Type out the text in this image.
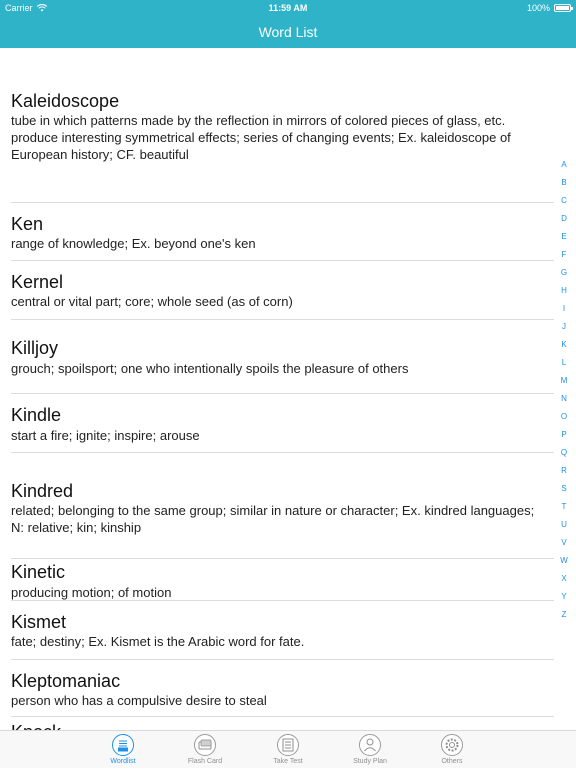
Carrier	11:59 AM	100%
Word List
Kaleidoscope
tube in which patterns made by the reflection in mirrors of colored pieces of glass, etc. produce interesting symmetrical effects; series of changing events; Ex. kaleidoscope of European history; CF. beautiful
Ken
range of knowledge; Ex. beyond one's ken
Kernel
central or vital part; core; whole seed (as of corn)
Killjoy
grouch; spoilsport; one who intentionally spoils the pleasure of others
Kindle
start a fire; ignite; inspire; arouse
Kindred
related; belonging to the same group; similar in nature or character; Ex. kindred languages; N: relative; kin; kinship
Kinetic
producing motion; of motion
Kismet
fate; destiny; Ex. Kismet is the Arabic word for fate.
Kleptomaniac
person who has a compulsive desire to steal
A
B
C
D
E
F
G
H
I
J
K
L
M
N
O
P
Q
R
S
T
U
V
W
X
Y
Z
Wordlist	Flash Card	Take Test	Study Plan	Others
